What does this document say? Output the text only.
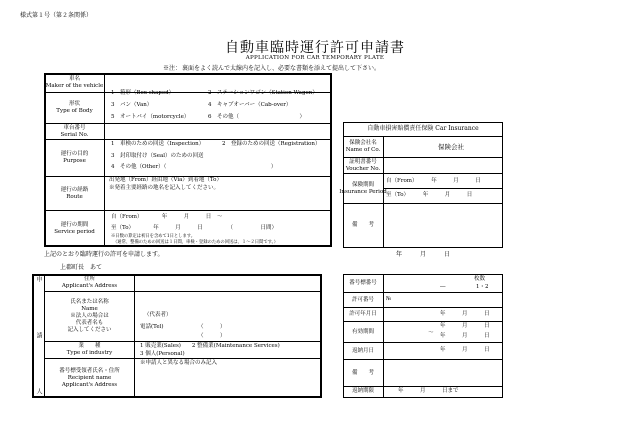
様式第１号（第２条関係）
自動車臨時運行許可申請書
APPLICATION FOR CAR TEMPORARY PLATE
※注： 裏面をよく読んで太線内を記入し、必要な書類を添えて提出して下さい。
車名
Maker of the vehicle
形状
Type of Body
1　箱形（Box-shaped）	2　ステーションワゴン（Station Wagon）
3　バン（Van）	4　キャブオーバー（Cab-over）
5　オートバイ（motorcycle）	6　その他（　　　　　　　　　　　）
車台番号
Serial No.
運行の目的
Purpose
1　車検のための回送（Inspection）	2　登録のための回送（Registration）
3　封印取付け（Seal）のための回送
4　その他（Other）（　　　　　　　　　　　　　　　　　　　）
運行の経路
Route
出発地（From）経由地（Via）到着地（To）
※発着主要経路の地名を記入してください。
運行の期間
Service period
自（From）　　　　年　　　月　　　日　～
至（To）　　　　年　　　月　　　日　　　　　（　　　　　日間）
※日数の算定は初日を含めて1日とします。
（通常、整備のための回送は１日間、車検・登録のための回送は、１～２日間です。）
自動車損害賠償責任保険 Car Insurance
保険会社名
Name of Co.	保険会社
証明書番号
Voucher No.
保険期間
Insurance Period
自（From）　　　年　　　月　　　日
至（To）　　　年　　　月　　　日
備　　考
上記のとおり臨時運行の許可を申請します。	年　　　月　　　日
上郡町長　あて
申請人	住所
Applicant's Address
氏名または名称
Name
※法人の場合は
代表者名も
記入してください
（代表者）
電話(Tel)	（　　　）
（　　　）
業　　種
Type of industry
1 販売業(Sales)　　2 整備業(Maintenance Services)
3 個人(Personal)
番号標受領者氏名・住所
Recipient name
Applicant's Address
※申請人と異なる場合のみ記入
番号標番号
―
枚数
1・2
許可番号 №
許可年月日	年　　　月　　　日
有効期間
年　　　月　　　日
～ 年　　　月　　　日
返納月日	年　　　月　　　日
備　　考
返納期限	年　　　月　　　日まで
